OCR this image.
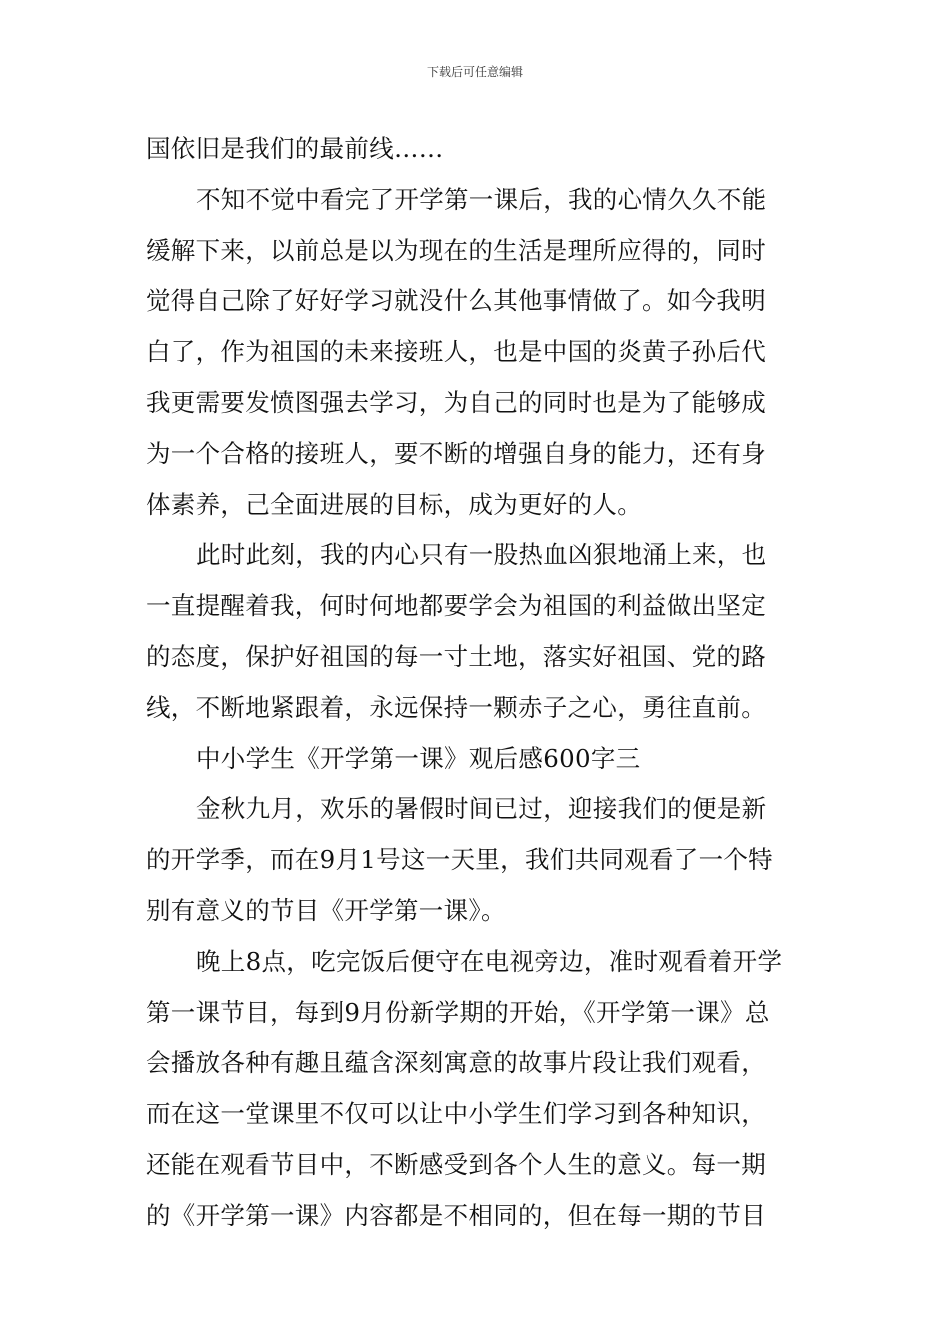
下载后可任意编辑
国依旧是我们的最前线……
不知不觉中看完了开学第一课后，我的心情久久不能
缓解下来，以前总是以为现在的生活是理所应得的，同时
觉得自己除了好好学习就没什么其他事情做了。如今我明
白了，作为祖国的未来接班人，也是中国的炎黄子孙后代
我更需要发愤图强去学习，为自己的同时也是为了能够成
为一个合格的接班人，要不断的增强自身的能力，还有身
体素养，己全面进展的目标，成为更好的人。
此时此刻，我的内心只有一股热血凶狠地涌上来，也
一直提醒着我，何时何地都要学会为祖国的利益做出坚定
的态度，保护好祖国的每一寸土地，落实好祖国、党的路
线，不断地紧跟着，永远保持一颗赤子之心，勇往直前。
中小学生《开学第一课》观后感600字三
金秋九月，欢乐的暑假时间已过，迎接我们的便是新
的开学季，而在9月1号这一天里，我们共同观看了一个特
别有意义的节目《开学第一课》。
晚上8点，吃完饭后便守在电视旁边，准时观看着开学
第一课节目，每到9月份新学期的开始，《开学第一课》总
会播放各种有趣且蕴含深刻寓意的故事片段让我们观看，
而在这一堂课里不仅可以让中小学生们学习到各种知识，
还能在观看节目中，不断感受到各个人生的意义。每一期
的《开学第一课》内容都是不相同的，但在每一期的节目
